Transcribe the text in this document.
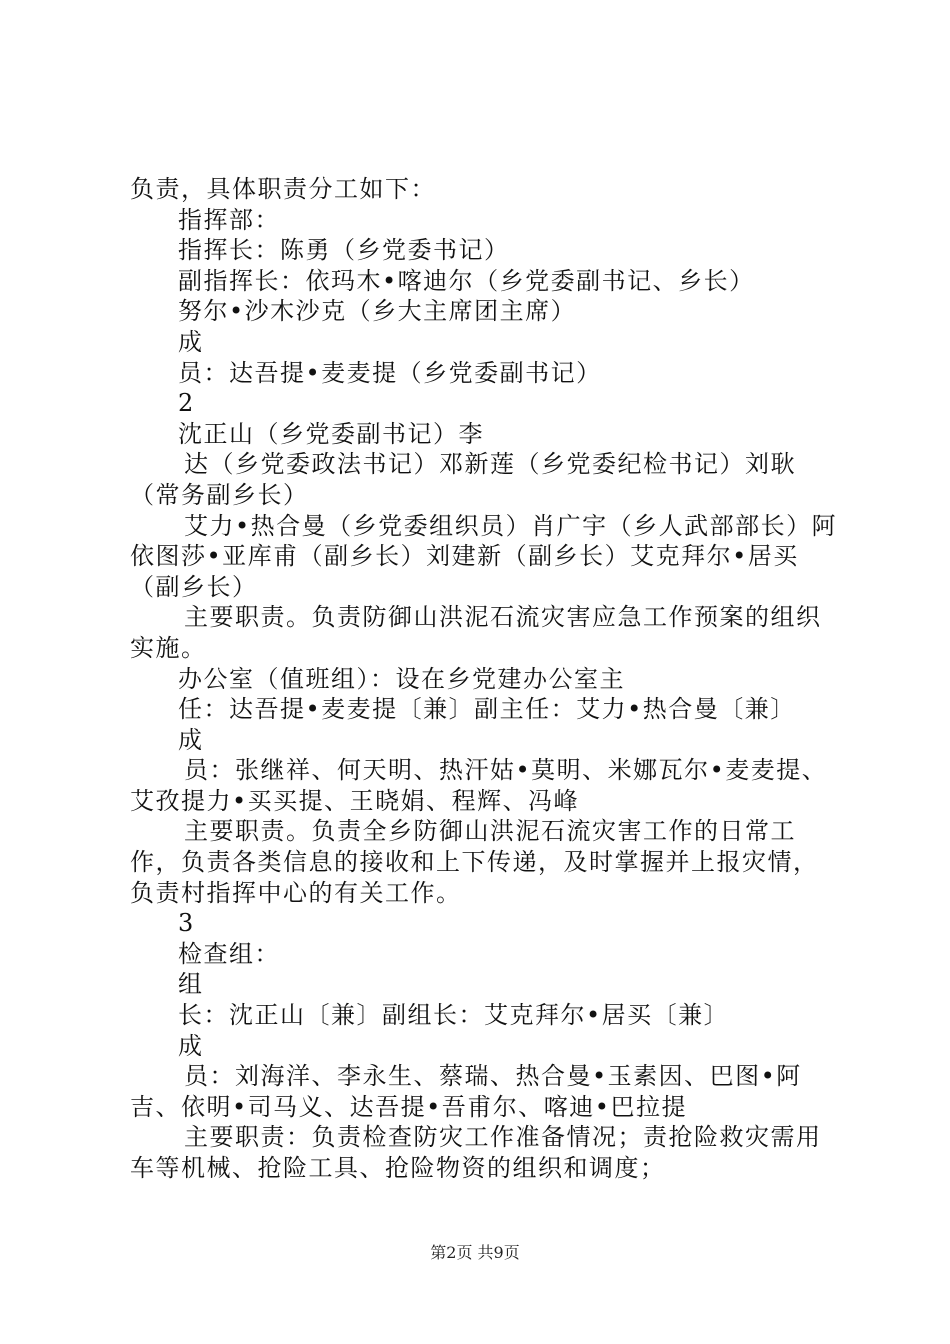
负责，具体职责分工如下：
指挥部：
指挥长：陈勇（乡党委书记）
副指挥长：依玛木•喀迪尔（乡党委副书记、乡长）
努尔•沙木沙克（乡大主席团主席）
成
员：达吾提•麦麦提（乡党委副书记）
2
沈正山（乡党委副书记）李
达（乡党委政法书记）邓新莲（乡党委纪检书记）刘耿（常务副乡长）
艾力•热合曼（乡党委组织员）肖广宇（乡人武部部长）阿依图莎•亚库甫（副乡长）刘建新（副乡长）艾克拜尔•居买（副乡长）
主要职责。负责防御山洪泥石流灾害应急工作预案的组织实施。
办公室（值班组）：设在乡党建办公室主
任：达吾提•麦麦提〔兼〕副主任：艾力•热合曼〔兼〕
成
员：张继祥、何天明、热汗姑•莫明、米娜瓦尔•麦麦提、艾孜提力•买买提、王晓娟、程辉、冯峰
主要职责。负责全乡防御山洪泥石流灾害工作的日常工作，负责各类信息的接收和上下传递，及时掌握并上报灾情，负责村指挥中心的有关工作。
3
检查组：
组
长：沈正山〔兼〕副组长：艾克拜尔•居买〔兼〕
成
员：刘海洋、李永生、蔡瑞、热合曼•玉素因、巴图•阿吉、依明•司马义、达吾提•吾甫尔、喀迪•巴拉提
主要职责：负责检查防灾工作准备情况；责抢险救灾需用车等机械、抢险工具、抢险物资的组织和调度；
第2页 共9页
